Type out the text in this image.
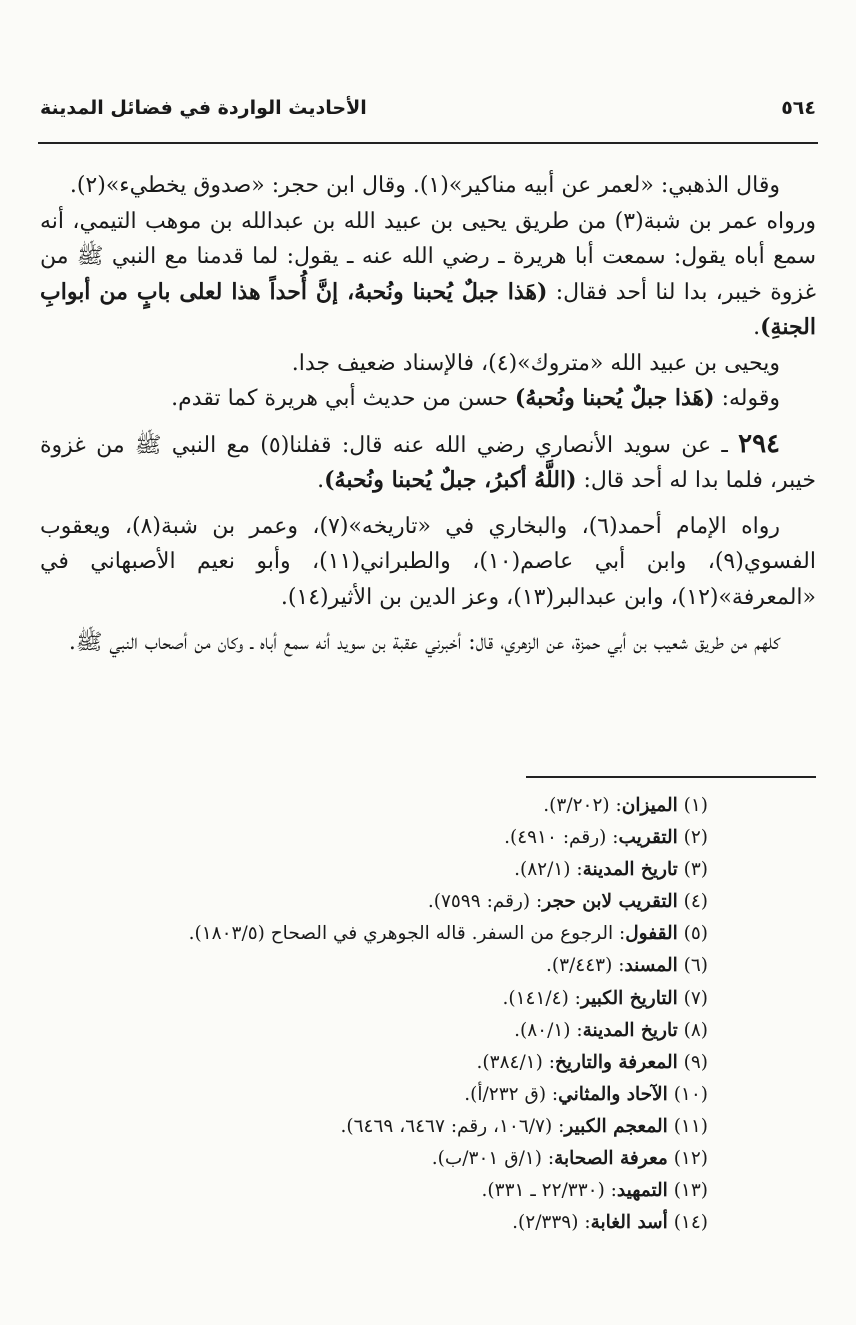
٥٦٤
الأحاديث الواردة في فضائل المدينة

وقال الذهبي: «لعمر عن أبيه مناكير»(١). وقال ابن حجر: «صدوق يخطيء»(٢).

ورواه عمر بن شبة(٣) من طريق يحيى بن عبيد الله بن عبدالله بن موهب التيمي، أنه سمع أباه يقول: سمعت أبا هريرة ـ رضي الله عنه ـ يقول: لما قدمنا مع النبي ﷺ من غزوة خيبر، بدا لنا أحد فقال: (هَذا جبلٌ يُحبنا ونُحبهُ، إنَّ أُحداً هذا لعلى بابٍ من أبوابِ الجنةِ).

ويحيى بن عبيد الله «متروك»(٤)، فالإسناد ضعيف جدا.

وقوله: (هَذا جبلٌ يُحبنا ونُحبهُ) حسن من حديث أبي هريرة كما تقدم.

٢٩٤ ـ عن سويد الأنصاري رضي الله عنه قال: قفلنا(٥) مع النبي ﷺ من غزوة خيبر، فلما بدا له أحد قال: (اللَّهُ أكبرُ، جبلٌ يُحبنا ونُحبهُ).

رواه الإمام أحمد(٦)، والبخاري في «تاريخه»(٧)، وعمر بن شبة(٨)، ويعقوب الفسوي(٩)، وابن أبي عاصم(١٠)، والطبراني(١١)، وأبو نعيم الأصبهاني في «المعرفة»(١٢)، وابن عبدالبر(١٣)، وعز الدين بن الأثير(١٤).

كلهم من طريق شعيب بن أبي حمزة، عن الزهري، قال: أخبرني عقبة بن سويد أنه سمع أباه ـ وكان من أصحاب النبي ﷺ.

(١) الميزان: (٣/٢٠٢).
(٢) التقريب: (رقم: ٤٩١٠).
(٣) تاريخ المدينة: (٨٢/١).
(٤) التقريب لابن حجر: (رقم: ٧٥٩٩).
(٥) القفول: الرجوع من السفر. قاله الجوهري في الصحاح (١٨٠٣/٥).
(٦) المسند: (٣/٤٤٣).
(٧) التاريخ الكبير: (١٤١/٤).
(٨) تاريخ المدينة: (٨٠/١).
(٩) المعرفة والتاريخ: (٣٨٤/١).
(١٠) الآحاد والمثاني: (ق ٢٣٢/أ).
(١١) المعجم الكبير: (١٠٦/٧، رقم: ٦٤٦٧، ٦٤٦٩).
(١٢) معرفة الصحابة: (١/ق ٣٠١/ب).
(١٣) التمهيد: (٢٢/٣٣٠ ـ ٣٣١).
(١٤) أسد الغابة: (٢/٣٣٩).
